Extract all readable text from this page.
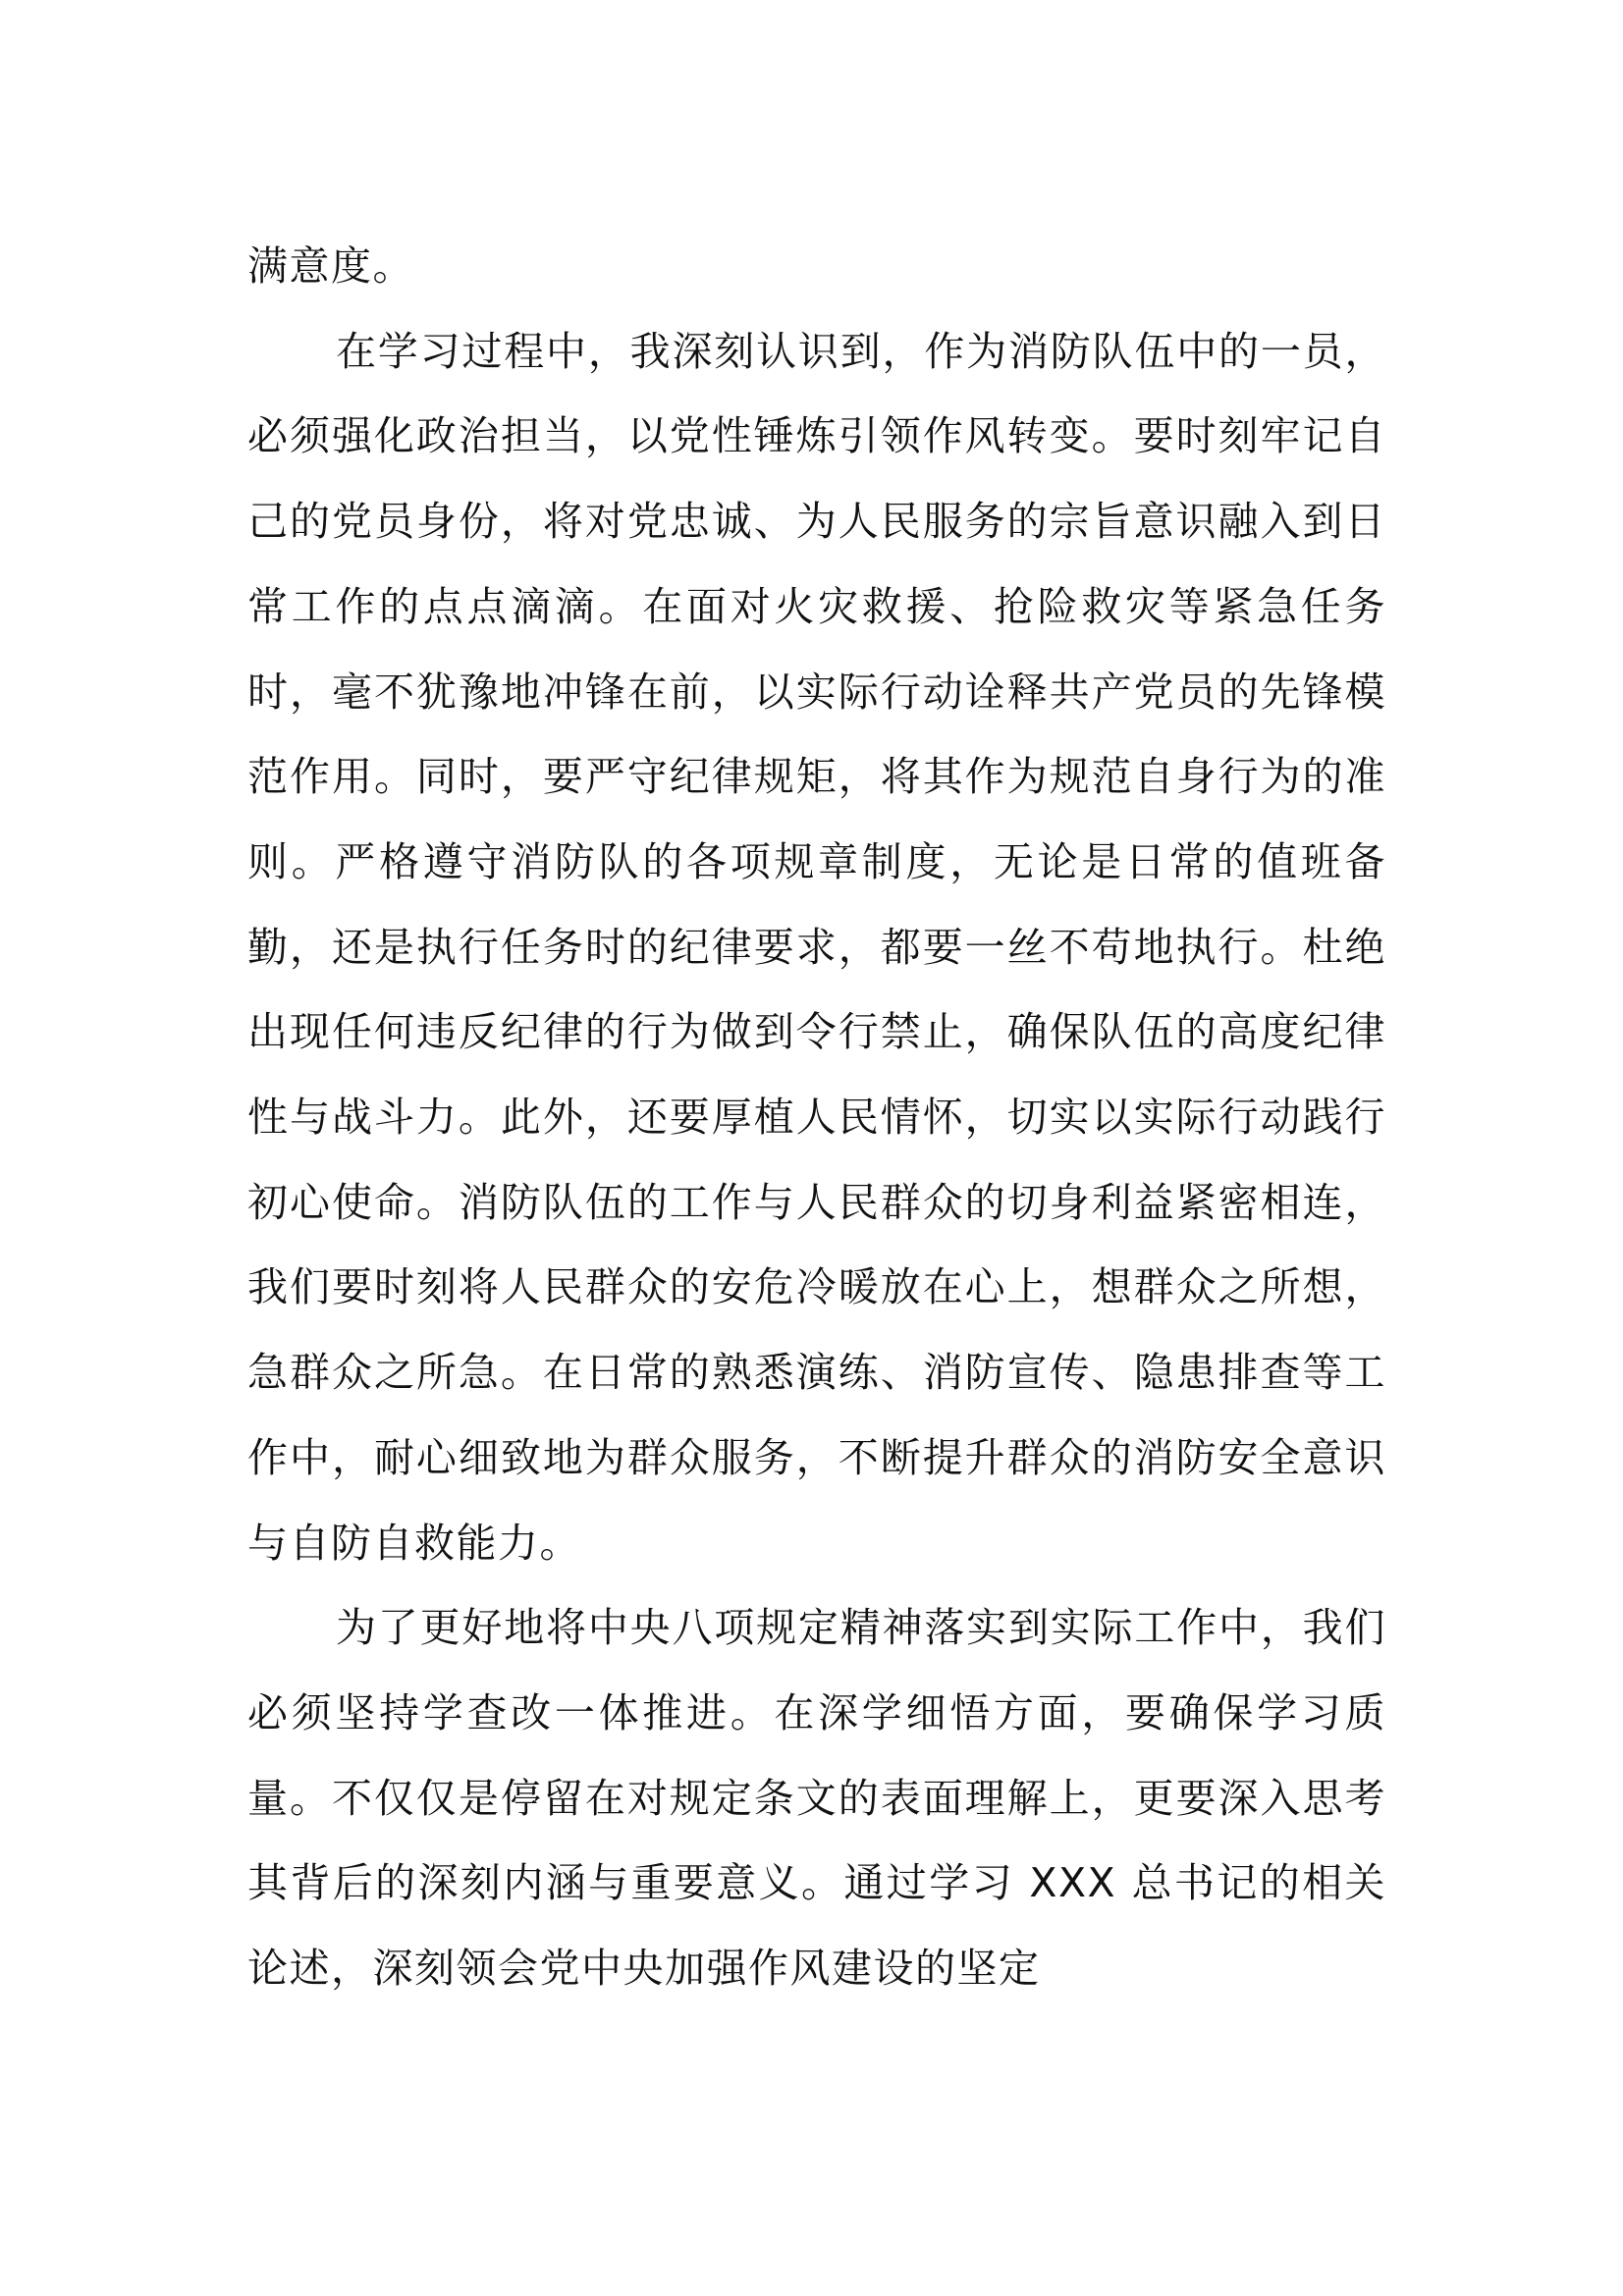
满意度。

在学习过程中，我深刻认识到，作为消防队伍中的一员，必须强化政治担当，以党性锤炼引领作风转变。要时刻牢记自己的党员身份，将对党忠诚、为人民服务的宗旨意识融入到日常工作的点点滴滴。在面对火灾救援、抢险救灾等紧急任务时，毫不犹豫地冲锋在前，以实际行动诠释共产党员的先锋模范作用。同时，要严守纪律规矩，将其作为规范自身行为的准则。严格遵守消防队的各项规章制度，无论是日常的值班备勤，还是执行任务时的纪律要求，都要一丝不苟地执行。杜绝出现任何违反纪律的行为做到令行禁止，确保队伍的高度纪律性与战斗力。此外，还要厚植人民情怀，切实以实际行动践行初心使命。消防队伍的工作与人民群众的切身利益紧密相连，我们要时刻将人民群众的安危冷暖放在心上，想群众之所想，急群众之所急。在日常的熟悉演练、消防宣传、隐患排查等工作中，耐心细致地为群众服务，不断提升群众的消防安全意识与自防自救能力。

为了更好地将中央八项规定精神落实到实际工作中，我们必须坚持学查改一体推进。在深学细悟方面，要确保学习质量。不仅仅是停留在对规定条文的表面理解上，更要深入思考其背后的深刻内涵与重要意义。通过学习 XXX 总书记的相关论述，深刻领会党中央加强作风建设的坚定
